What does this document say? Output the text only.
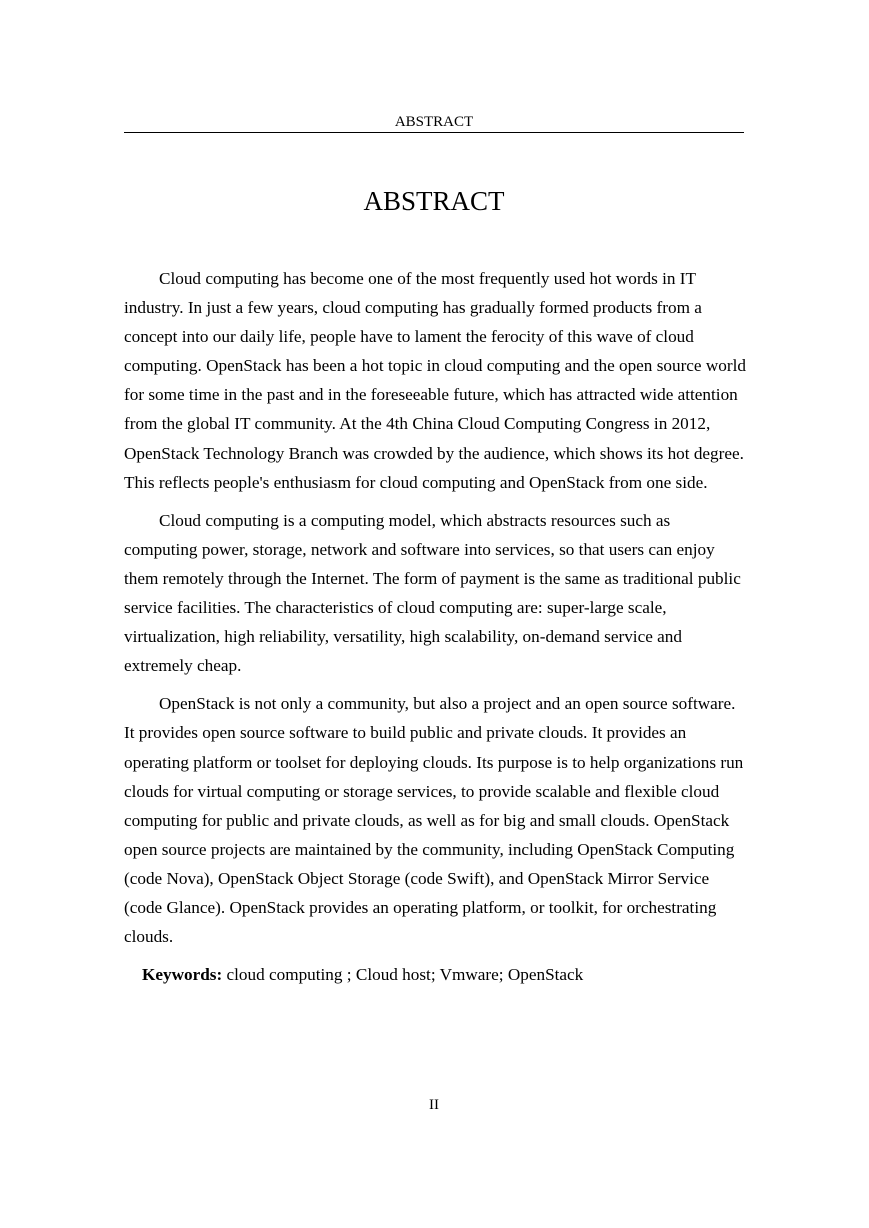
ABSTRACT
ABSTRACT

Cloud computing has become one of the most frequently used hot words in IT industry. In just a few years, cloud computing has gradually formed products from a concept into our daily life, people have to lament the ferocity of this wave of cloud computing. OpenStack has been a hot topic in cloud computing and the open source world for some time in the past and in the foreseeable future, which has attracted wide attention from the global IT community. At the 4th China Cloud Computing Congress in 2012, OpenStack Technology Branch was crowded by the audience, which shows its hot degree. This reflects people's enthusiasm for cloud computing and OpenStack from one side.

Cloud computing is a computing model, which abstracts resources such as computing power, storage, network and software into services, so that users can enjoy them remotely through the Internet. The form of payment is the same as traditional public service facilities. The characteristics of cloud computing are: super-large scale, virtualization, high reliability, versatility, high scalability, on-demand service and extremely cheap.

OpenStack is not only a community, but also a project and an open source software. It provides open source software to build public and private clouds. It provides an operating platform or toolset for deploying clouds. Its purpose is to help organizations run clouds for virtual computing or storage services, to provide scalable and flexible cloud computing for public and private clouds, as well as for big and small clouds. OpenStack open source projects are maintained by the community, including OpenStack Computing (code Nova), OpenStack Object Storage (code Swift), and OpenStack Mirror Service (code Glance). OpenStack provides an operating platform, or toolkit, for orchestrating clouds.

Keywords: cloud computing ; Cloud host; Vmware; OpenStack
II
